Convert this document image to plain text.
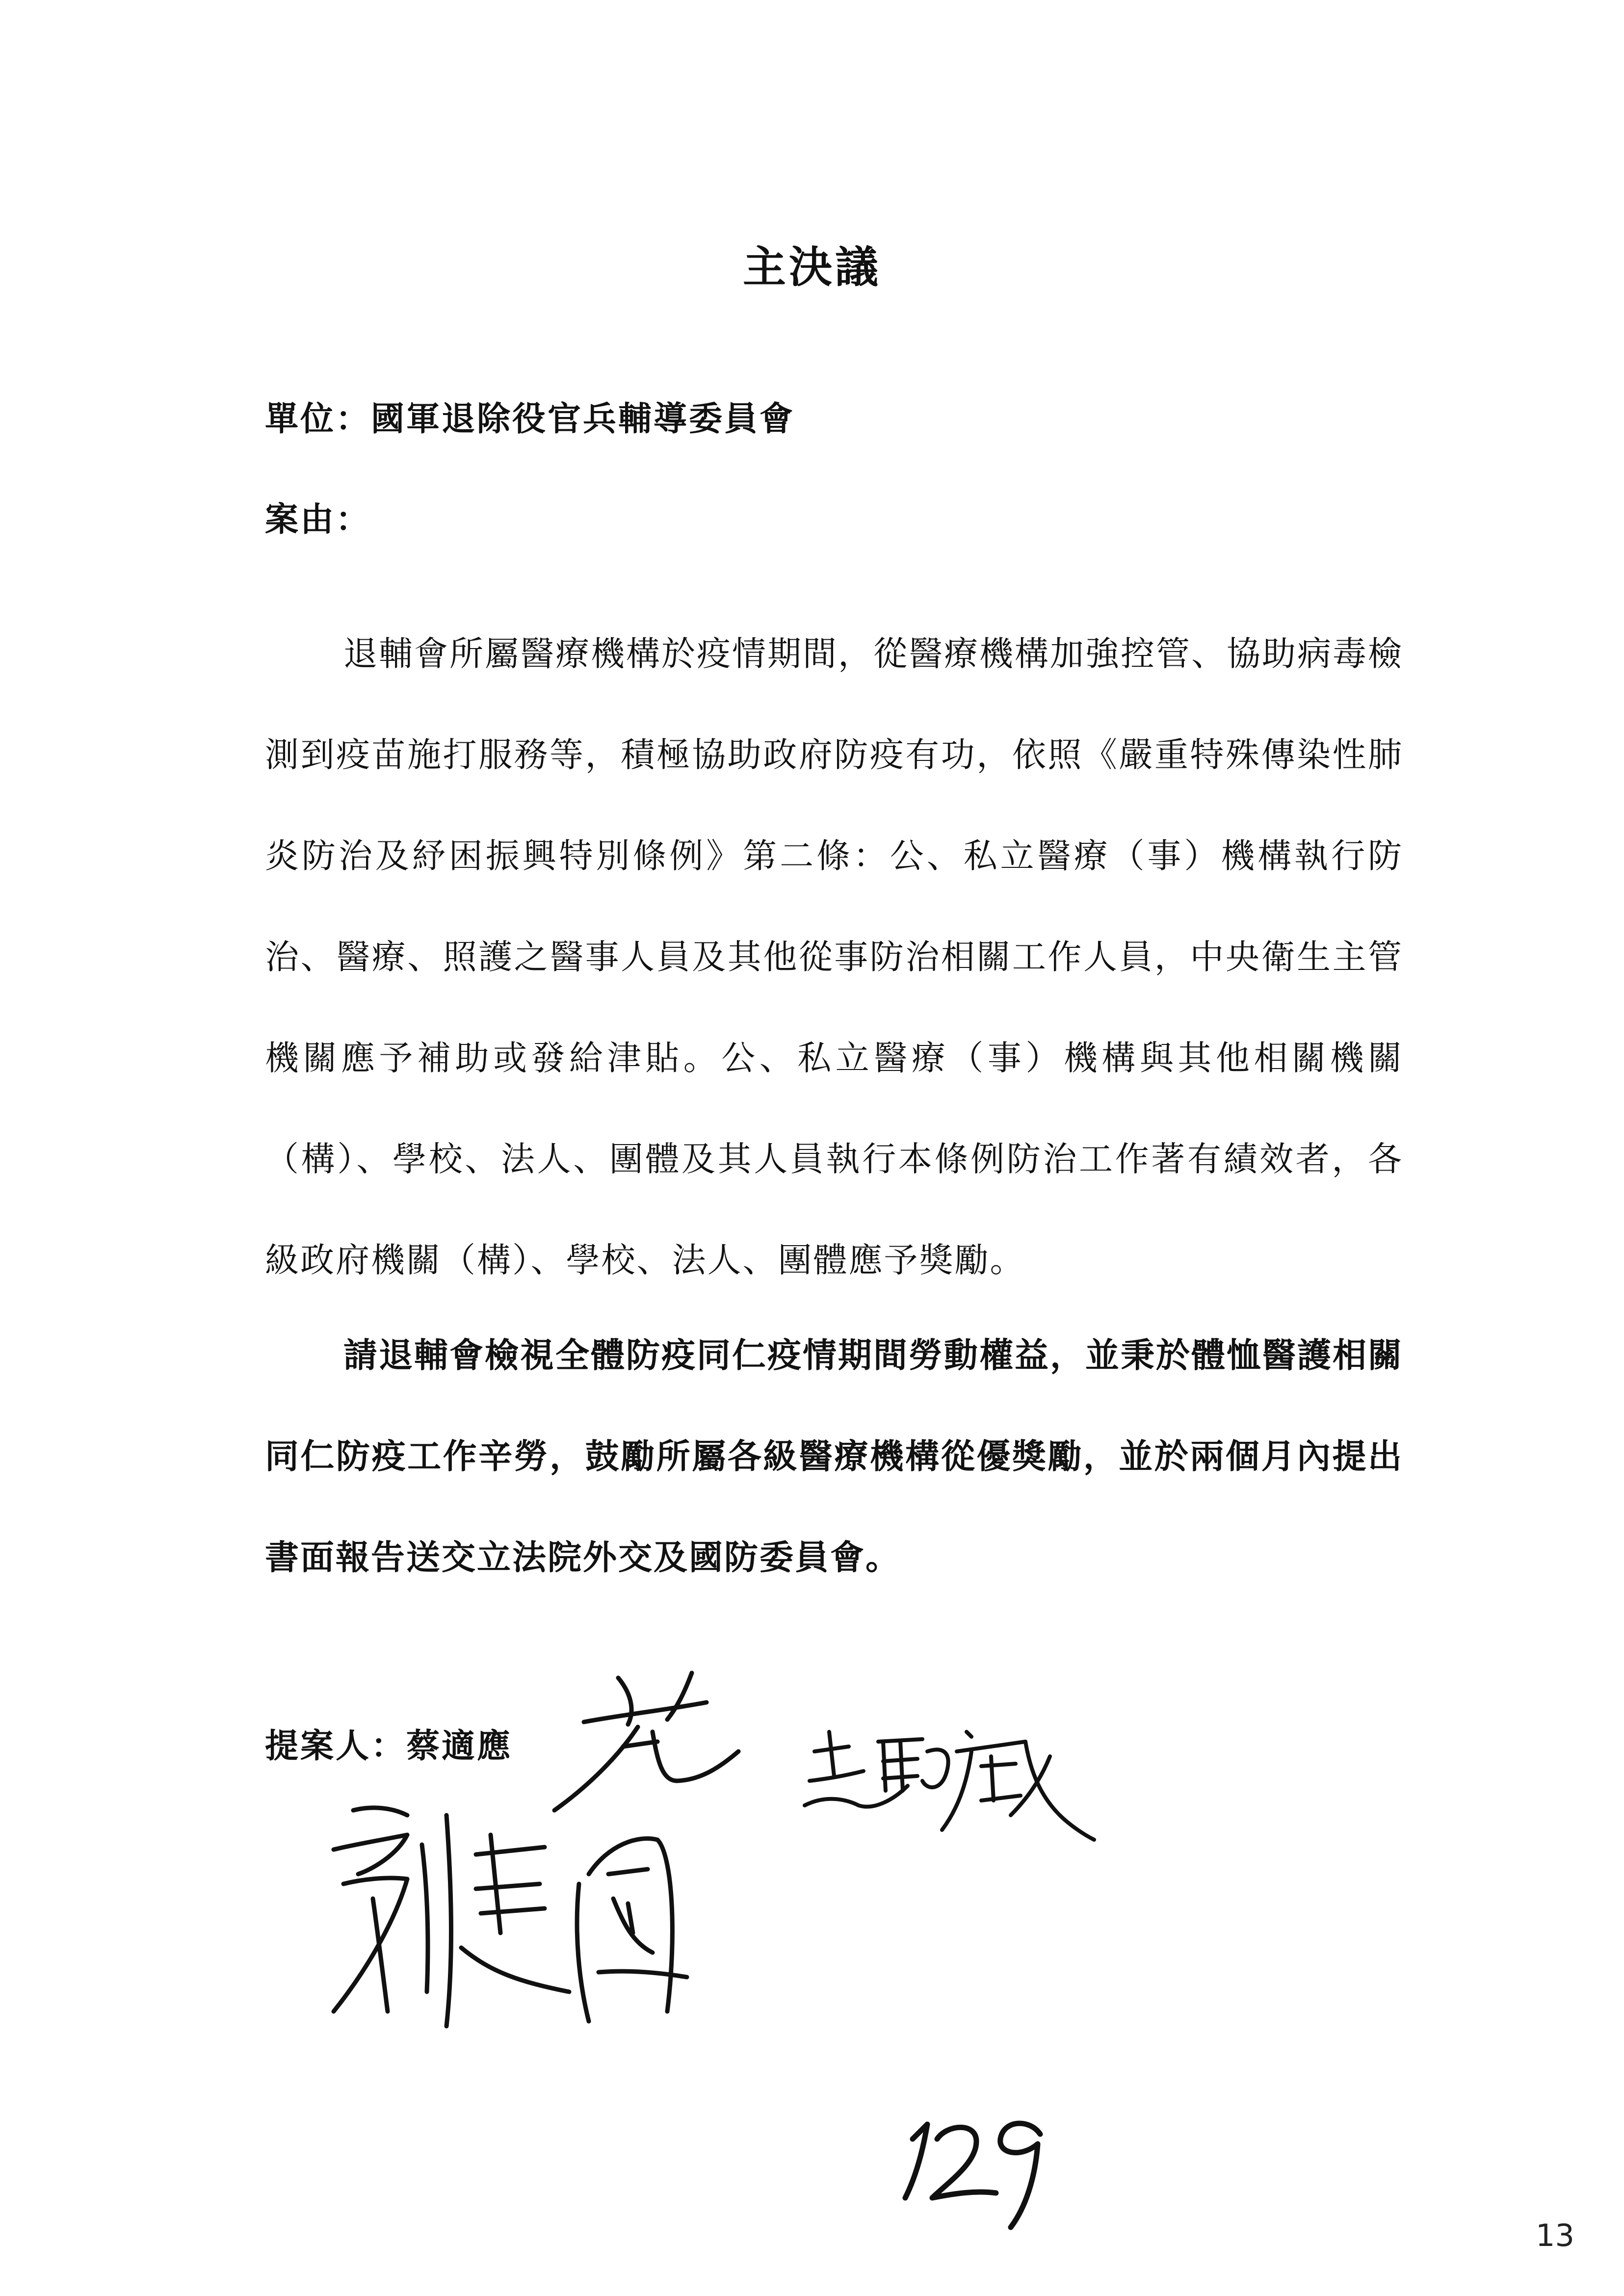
主決議
單位：國軍退除役官兵輔導委員會
案由：

退輔會所屬醫療機構於疫情期間，從醫療機構加強控管、協助病毒檢測到疫苗施打服務等，積極協助政府防疫有功，依照《嚴重特殊傳染性肺炎防治及紓困振興特別條例》第二條：公、私立醫療（事）機構執行防治、醫療、照護之醫事人員及其他從事防治相關工作人員，中央衛生主管機關應予補助或發給津貼。公、私立醫療（事）機構與其他相關機關（構）、學校、法人、團體及其人員執行本條例防治工作著有績效者，各級政府機關（構）、學校、法人、團體應予獎勵。

請退輔會檢視全體防疫同仁疫情期間勞動權益，並秉於體恤醫護相關同仁防疫工作辛勞，鼓勵所屬各級醫療機構從優獎勵，並於兩個月內提出書面報告送交立法院外交及國防委員會。

提案人：蔡適應
13
